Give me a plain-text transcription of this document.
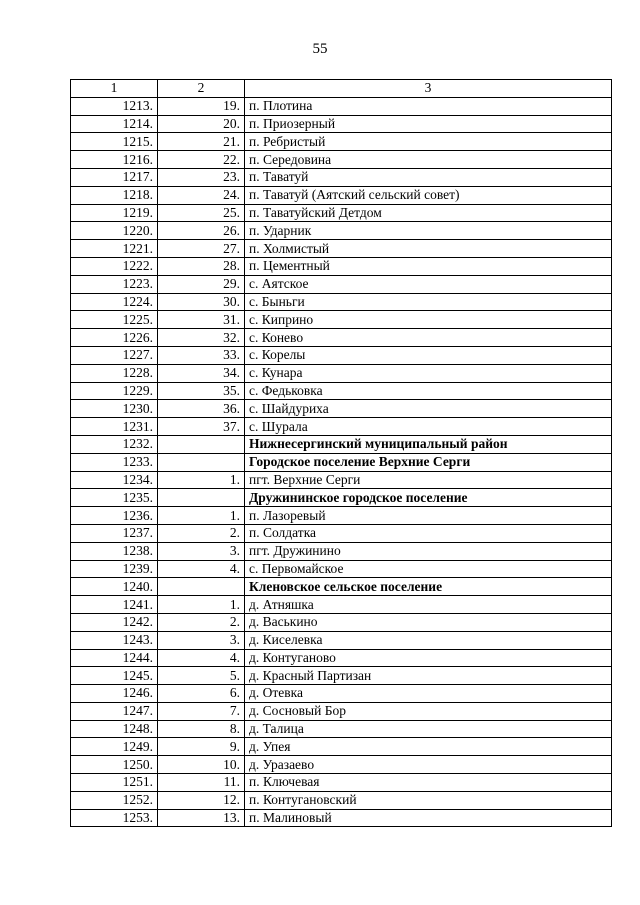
55
1	2	3
1213.	19.	п. Плотина
1214.	20.	п. Приозерный
1215.	21.	п. Ребристый
1216.	22.	п. Середовина
1217.	23.	п. Таватуй
1218.	24.	п. Таватуй (Аятский сельский совет)
1219.	25.	п. Таватуйский Детдом
1220.	26.	п. Ударник
1221.	27.	п. Холмистый
1222.	28.	п. Цементный
1223.	29.	с. Аятское
1224.	30.	с. Быньги
1225.	31.	с. Киприно
1226.	32.	с. Конево
1227.	33.	с. Корелы
1228.	34.	с. Кунара
1229.	35.	с. Федьковка
1230.	36.	с. Шайдуриха
1231.	37.	с. Шурала
1232.		Нижнесергинский муниципальный район
1233.		Городское поселение Верхние Серги
1234.	1.	пгт. Верхние Серги
1235.		Дружининское городское поселение
1236.	1.	п. Лазоревый
1237.	2.	п. Солдатка
1238.	3.	пгт. Дружинино
1239.	4.	с. Первомайское
1240.		Кленовское сельское поселение
1241.	1.	д. Атняшка
1242.	2.	д. Васькино
1243.	3.	д. Киселевка
1244.	4.	д. Контуганово
1245.	5.	д. Красный Партизан
1246.	6.	д. Отевка
1247.	7.	д. Сосновый Бор
1248.	8.	д. Талица
1249.	9.	д. Упея
1250.	10.	д. Уразаево
1251.	11.	п. Ключевая
1252.	12.	п. Контугановский
1253.	13.	п. Малиновый
